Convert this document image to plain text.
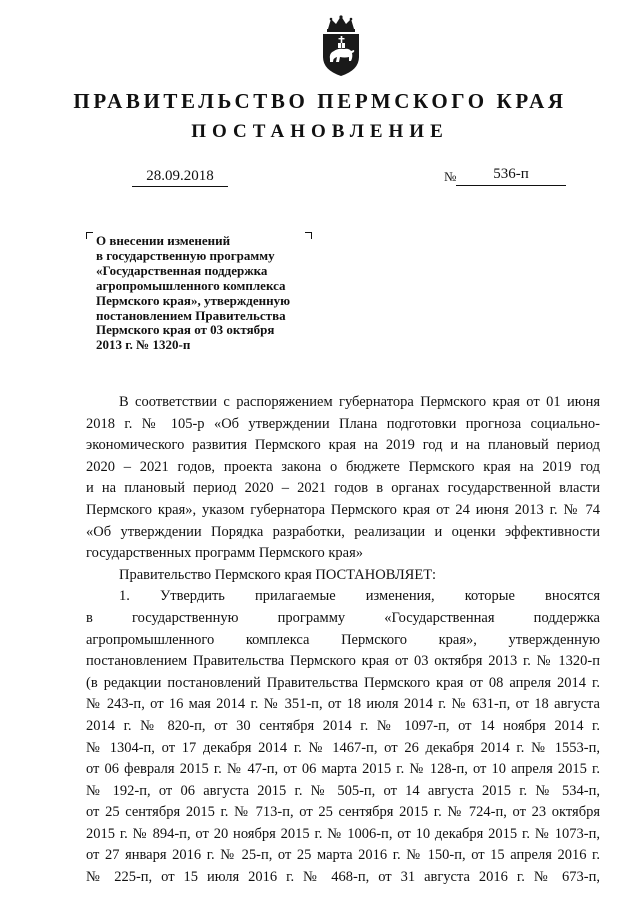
ПРАВИТЕЛЬСТВО ПЕРМСКОГО КРАЯ
ПОСТАНОВЛЕНИЕ
28.09.2018	№	536-п

О внесении изменений
в государственную программу
«Государственная поддержка
агропромышленного комплекса
Пермского края», утвержденную
постановлением Правительства
Пермского края от 03 октября
2013 г. № 1320-п

В соответствии с распоряжением губернатора Пермского края от 01 июня

2018 г. № 105-р «Об утверждении Плана подготовки прогноза социально-

экономического развития Пермского края на 2019 год и на плановый период

2020 – 2021 годов, проекта закона о бюджете Пермского края на 2019 год

и на плановый период 2020 – 2021 годов в органах государственной власти

Пермского края», указом губернатора Пермского края от 24 июня 2013 г. № 74

«Об утверждении Порядка разработки, реализации и оценки эффективности

государственных программ Пермского края»

Правительство Пермского края ПОСТАНОВЛЯЕТ:

1. Утвердить прилагаемые изменения, которые вносятся

в государственную программу «Государственная поддержка

агропромышленного комплекса Пермского края», утвержденную

постановлением Правительства Пермского края от 03 октября 2013 г. № 1320-п

(в редакции постановлений Правительства Пермского края от 08 апреля 2014 г.

№ 243-п, от 16 мая 2014 г. № 351-п, от 18 июля 2014 г. № 631-п, от 18 августа

2014 г. № 820-п, от 30 сентября 2014 г. № 1097-п, от 14 ноября 2014 г.

№ 1304-п, от 17 декабря 2014 г. № 1467-п, от 26 декабря 2014 г. № 1553-п,

от 06 февраля 2015 г. № 47-п, от 06 марта 2015 г. № 128-п, от 10 апреля 2015 г.

№ 192-п, от 06 августа 2015 г. № 505-п, от 14 августа 2015 г. № 534-п,

от 25 сентября 2015 г. № 713-п, от 25 сентября 2015 г. № 724-п, от 23 октября

2015 г. № 894-п, от 20 ноября 2015 г. № 1006-п, от 10 декабря 2015 г. № 1073-п,

от 27 января 2016 г. № 25-п, от 25 марта 2016 г. № 150-п, от 15 апреля 2016 г.

№ 225-п, от 15 июля 2016 г. № 468-п, от 31 августа 2016 г. № 673-п,
